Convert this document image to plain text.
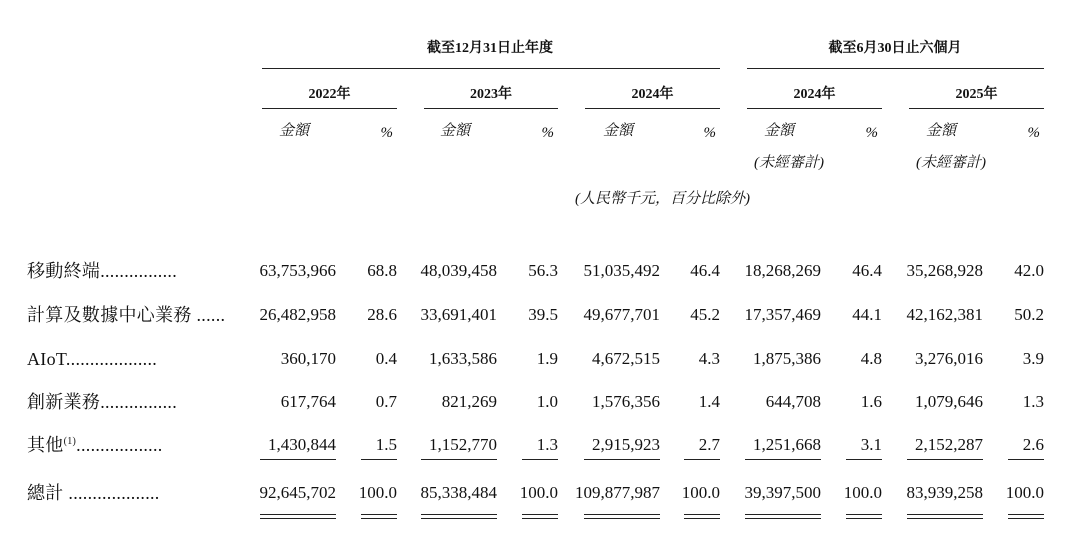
截至12月31日止年度	截至6月30日止六個月
(人民幣千元，百分比除外)
2022年
金額	%
2023年
金額	%
2024年
金額	%
2024年
金額	%
(未經審計)
2025年
金額	%
(未經審計)
移動終端................	63,753,966 68.8 48,039,458 56.3 51,035,492 46.4 18,268,269 46.4 35,268,928 42.0
計算及數據中心業務 ...... 26,482,958 28.6 33,691,401 39.5 49,677,701 45.2 17,357,469 44.1 42,162,381 50.2
AIoT...................	360,170 0.4 1,633,586 1.9 4,672,515 4.3 1,875,386 4.8 3,276,016 3.9
創新業務................	617,764 0.7	821,269 1.0 1,576,356 1.4	644,708 1.6 1,079,646 1.3
其他$^{(1)}$..................	1,430,844 1.5 1,152,770 1.3 2,915,923 2.7 1,251,668 3.1 2,152,287 2.6
總計 ...................	92,645,702 100.0 85,338,484 100.0 109,877,987 100.0 39,397,500 100.0 83,939,258 100.0
